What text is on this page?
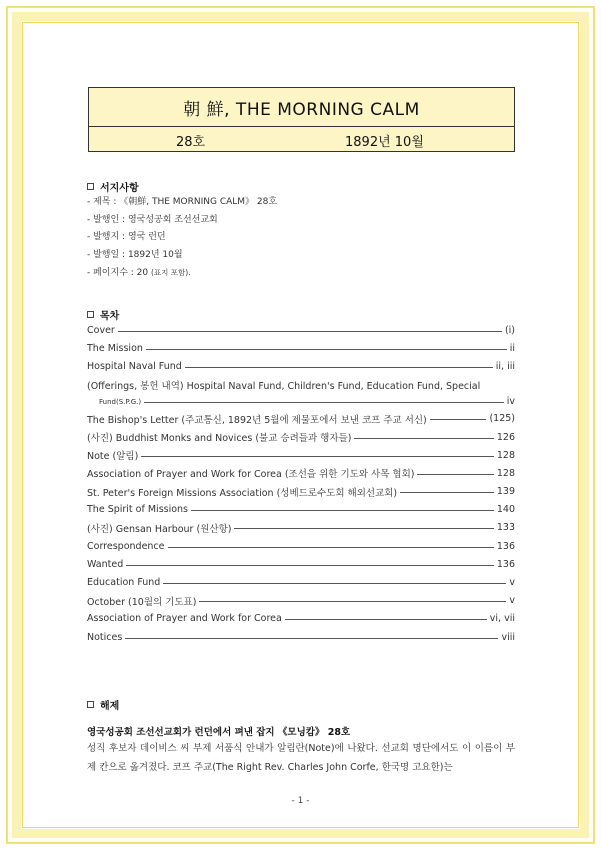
朝 鮮, THE MORNING CALM
28호	1892년 10월
서지사항
- 제목 : 《朝鮮, THE MORNING CALM》 28호
- 발행인 : 영국성공회 조선선교회
- 발행지 : 영국 런던
- 발행일 : 1892년 10월
- 페이지수 : 20 (표지 포함).
목차
Cover	(i)
The Mission	ii
Hospital Naval Fund	ii, iii
(Offerings, 봉헌 내역) Hospital Naval Fund, Children's Fund, Education Fund, Special
Fund(S.P.G.)	iv
The Bishop's Letter (주교통신, 1892년 5월에 제물포에서 보낸 코프 주교 서신)	(125)
(사진) Buddhist Monks and Novices (불교 승려들과 행자들)	126
Note (알림)	128
Association of Prayer and Work for Corea (조선을 위한 기도와 사목 협회)	128
St. Peter's Foreign Missions Association (성베드로수도회 해외선교회)	139
The Spirit of Missions	140
(사진) Gensan Harbour (원산항)	133
Correspondence	136
Wanted	136
Education Fund	v
October (10월의 기도표)	v
Association of Prayer and Work for Corea	vi, vii
Notices	viii
해제
영국성공회 조선선교회가 런던에서 펴낸 잡지 《모닝캄》 28호
성직 후보자 데이비스 씨 부제 서품식 안내가 알림란(Note)에 나왔다. 선교회 명단에서도 이 이름이 부제 칸으로 옮겨졌다. 코프 주교(The Right Rev. Charles John Corfe, 한국명 고요한)는
- 1 -
